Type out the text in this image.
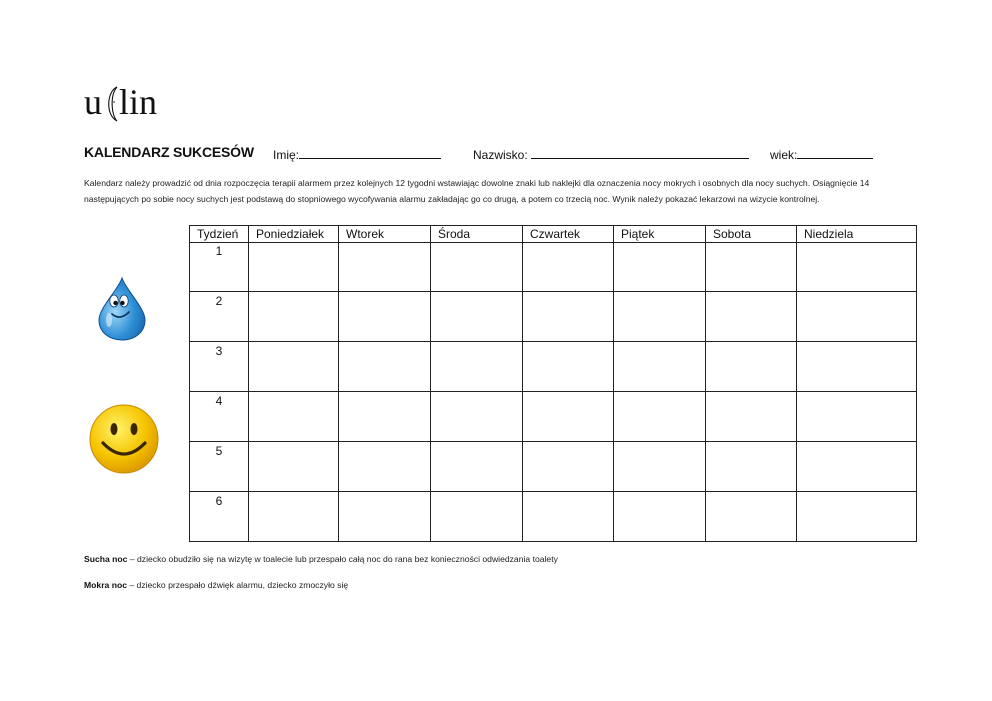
u lin
KALENDARZ SUKCESÓW Imię:	Nazwisko:	wiek:
Kalendarz należy prowadzić od dnia rozpoczęcia terapii alarmem przez kolejnych 12 tygodni wstawiając dowolne znaki lub naklejki dla oznaczenia nocy mokrych i osobnych dla nocy suchych. Osiągnięcie 14 następujących po sobie nocy suchych jest podstawą do stopniowego wycofywania alarmu zakładając go co drugą, a potem co trzecią noc. Wynik należy pokazać lekarzowi na wizycie kontrolnej.
Tydzień	Poniedziałek	Wtorek	Środa	Czwartek	Piątek	Sobota	Niedziela
1							
2							
3							
4							
5							
6							
Sucha noc – dziecko obudziło się na wizytę w toalecie lub przespało całą noc do rana bez konieczności odwiedzania toalety
Mokra noc – dziecko przespało dźwięk alarmu, dziecko zmoczyło się
